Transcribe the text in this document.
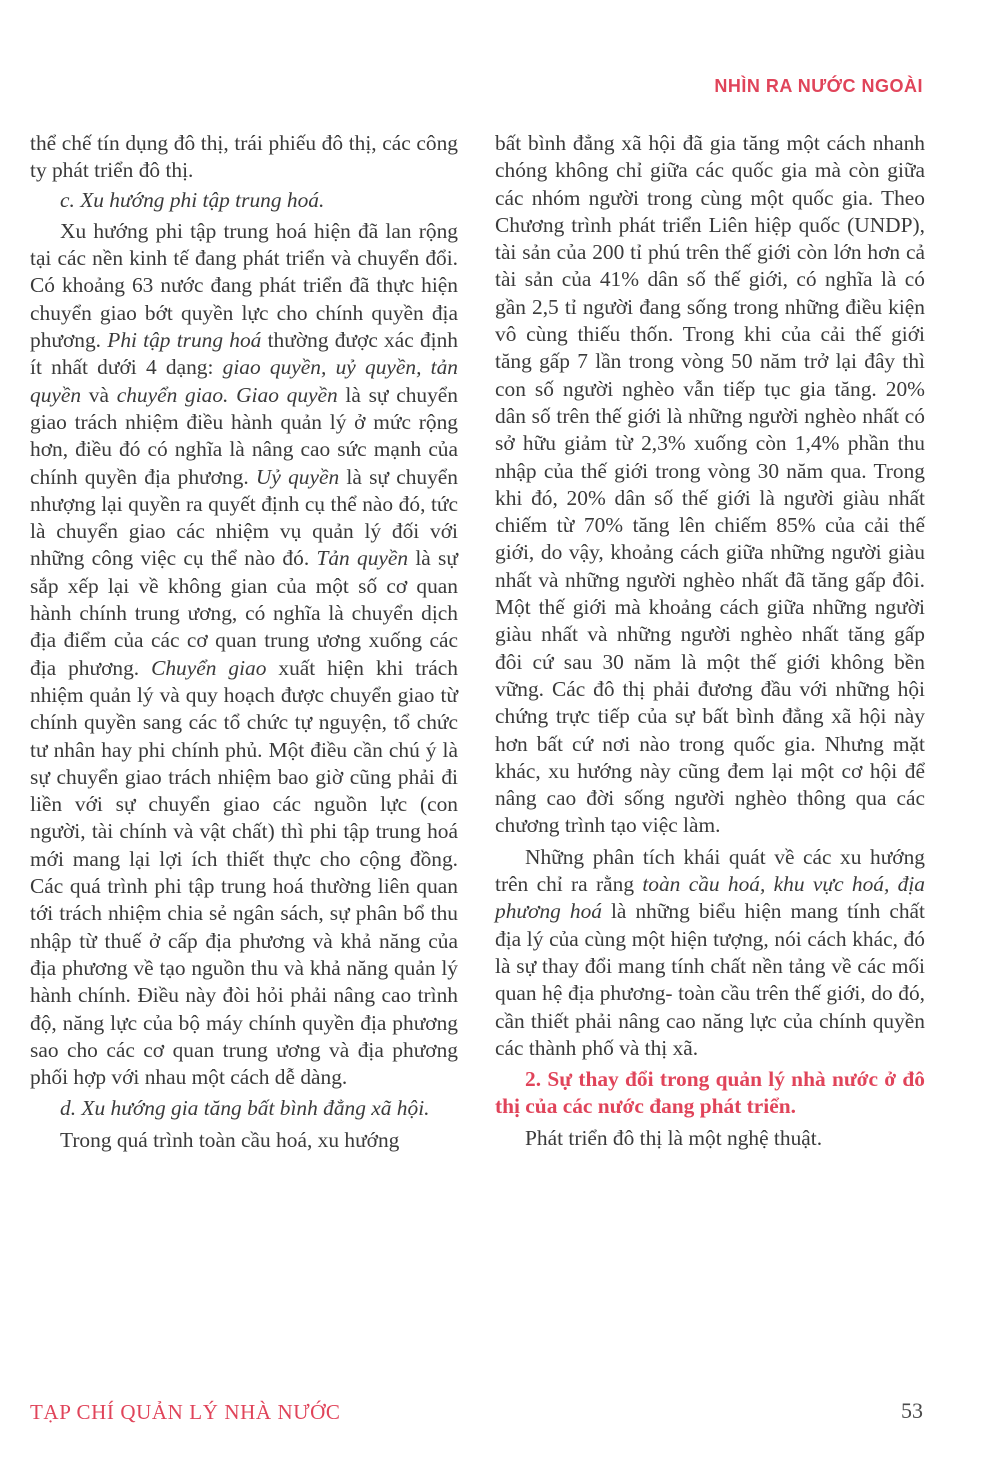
NHÌN RA NƯỚC NGOÀI

thể chế tín dụng đô thị, trái phiếu đô thị, các công ty phát triển đô thị.

c. Xu hướng phi tập trung hoá.

Xu hướng phi tập trung hoá hiện đã lan rộng tại các nền kinh tế đang phát triển và chuyển đổi. Có khoảng 63 nước đang phát triển đã thực hiện chuyển giao bớt quyền lực cho chính quyền địa phương. Phi tập trung hoá thường được xác định ít nhất dưới 4 dạng: giao quyền, uỷ quyền, tản quyền và chuyển giao. Giao quyền là sự chuyển giao trách nhiệm điều hành quản lý ở mức rộng hơn, điều đó có nghĩa là nâng cao sức mạnh của chính quyền địa phương. Uỷ quyền là sự chuyển nhượng lại quyền ra quyết định cụ thể nào đó, tức là chuyển giao các nhiệm vụ quản lý đối với những công việc cụ thể nào đó. Tản quyền là sự sắp xếp lại về không gian của một số cơ quan hành chính trung ương, có nghĩa là chuyển dịch địa điểm của các cơ quan trung ương xuống các địa phương. Chuyển giao xuất hiện khi trách nhiệm quản lý và quy hoạch được chuyển giao từ chính quyền sang các tổ chức tự nguyện, tổ chức tư nhân hay phi chính phủ. Một điều cần chú ý là sự chuyển giao trách nhiệm bao giờ cũng phải đi liền với sự chuyển giao các nguồn lực (con người, tài chính và vật chất) thì phi tập trung hoá mới mang lại lợi ích thiết thực cho cộng đồng. Các quá trình phi tập trung hoá thường liên quan tới trách nhiệm chia sẻ ngân sách, sự phân bổ thu nhập từ thuế ở cấp địa phương và khả năng của địa phương về tạo nguồn thu và khả năng quản lý hành chính. Điều này đòi hỏi phải nâng cao trình độ, năng lực của bộ máy chính quyền địa phương sao cho các cơ quan trung ương và địa phương phối hợp với nhau một cách dễ dàng.

d. Xu hướng gia tăng bất bình đẳng xã hội.

Trong quá trình toàn cầu hoá, xu hướng

bất bình đẳng xã hội đã gia tăng một cách nhanh chóng không chỉ giữa các quốc gia mà còn giữa các nhóm người trong cùng một quốc gia. Theo Chương trình phát triển Liên hiệp quốc (UNDP), tài sản của 200 tỉ phú trên thế giới còn lớn hơn cả tài sản của 41% dân số thế giới, có nghĩa là có gần 2,5 tỉ người đang sống trong những điều kiện vô cùng thiếu thốn. Trong khi của cải thế giới tăng gấp 7 lần trong vòng 50 năm trở lại đây thì con số người nghèo vẫn tiếp tục gia tăng. 20% dân số trên thế giới là những người nghèo nhất có sở hữu giảm từ 2,3% xuống còn 1,4% phần thu nhập của thế giới trong vòng 30 năm qua. Trong khi đó, 20% dân số thế giới là người giàu nhất chiếm từ 70% tăng lên chiếm 85% của cải thế giới, do vậy, khoảng cách giữa những người giàu nhất và những người nghèo nhất đã tăng gấp đôi. Một thế giới mà khoảng cách giữa những người giàu nhất và những người nghèo nhất tăng gấp đôi cứ sau 30 năm là một thế giới không bền vững. Các đô thị phải đương đầu với những hội chứng trực tiếp của sự bất bình đẳng xã hội này hơn bất cứ nơi nào trong quốc gia. Nhưng mặt khác, xu hướng này cũng đem lại một cơ hội để nâng cao đời sống người nghèo thông qua các chương trình tạo việc làm.

Những phân tích khái quát về các xu hướng trên chỉ ra rằng toàn cầu hoá, khu vực hoá, địa phương hoá là những biểu hiện mang tính chất địa lý của cùng một hiện tượng, nói cách khác, đó là sự thay đổi mang tính chất nền tảng về các mối quan hệ địa phương- toàn cầu trên thế giới, do đó, cần thiết phải nâng cao năng lực của chính quyền các thành phố và thị xã.

2. Sự thay đổi trong quản lý nhà nước ở đô thị của các nước đang phát triển.

Phát triển đô thị là một nghệ thuật.

TẠP CHÍ QUẢN LÝ NHÀ NƯỚC	53
